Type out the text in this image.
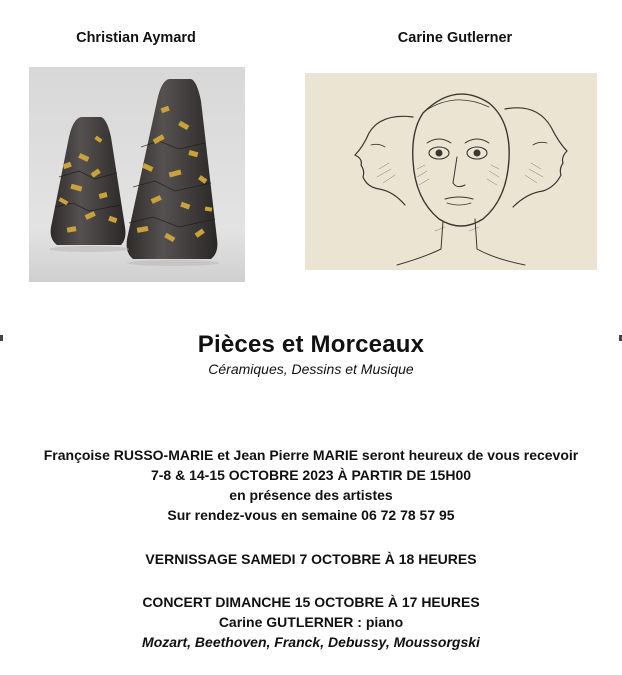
Christian Aymard	Carine Gutlerner
Pièces et Morceaux
Céramiques, Dessins et Musique
Françoise RUSSO-MARIE et Jean Pierre MARIE seront heureux de vous recevoir
7-8 & 14-15 OCTOBRE 2023 À PARTIR DE 15H00
en présence des artistes
Sur rendez-vous en semaine 06 72 78 57 95
VERNISSAGE SAMEDI 7 OCTOBRE À 18 HEURES
CONCERT DIMANCHE 15 OCTOBRE À 17 HEURES
Carine GUTLERNER : piano
Mozart, Beethoven, Franck, Debussy, Moussorgski
